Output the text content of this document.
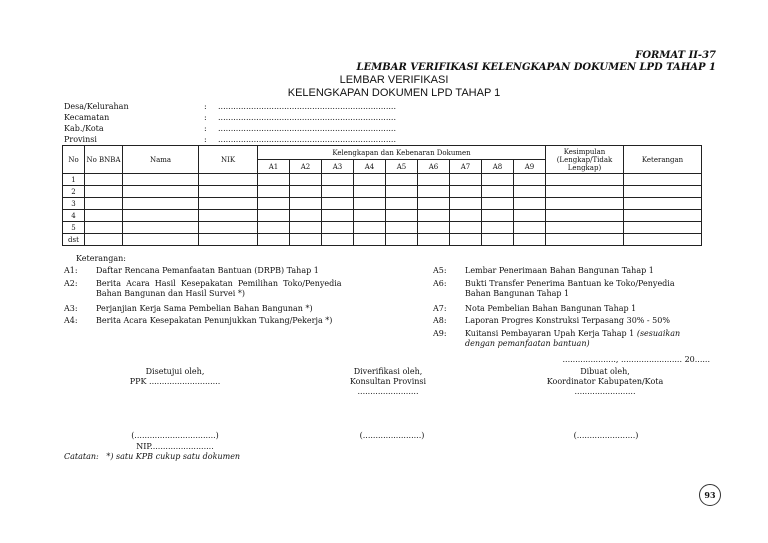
FORMAT II-37
LEMBAR VERIFIKASI KELENGKAPAN DOKUMEN LPD TAHAP 1
LEMBAR VERIFIKASI
KELENGKAPAN DOKUMEN LPD TAHAP 1
Desa/Kelurahan	:	......................................................................
Kecamatan	:	......................................................................
Kab./Kota	:	......................................................................
Provinsi	:	......................................................................
No	No BNBA	Nama	NIK	Kelengkapan dan Kebenaran Dokumen									Kesimpulan (Lengkap/Tidak Lengkap)	Keterangan
				A1	A2	A3	A4	A5	A6	A7	A8	A9		
1														
2														
3														
4														
5														
dst														
Keterangan:
A1: Daftar Rencana Pemanfaatan Bantuan (DRPB) Tahap 1
A2: Berita  Acara  Hasil  Kesepakatan  Pemilihan  Toko/Penyedia
Bahan Bangunan dan Hasil Survei *)
A3: Perjanjian Kerja Sama Pembelian Bahan Bangunan *)
A4: Berita Acara Kesepakatan Penunjukkan Tukang/Pekerja *)
A5: Lembar Penerimaan Bahan Bangunan Tahap 1
A6: Bukti Transfer Penerima Bantuan ke Toko/Penyedia
Bahan Bangunan Tahap 1
A7: Nota Pembelian Bahan Bangunan Tahap 1
A8: Laporan Progres Konstruksi Terpasang 30% - 50%
A9: Kuitansi Pembayaran Upah Kerja Tahap 1 (sesuaikan
dengan pemanfaatan bantuan)
....................., ........................ 20......
Disetujui oleh,
PPK ............................
Diverifikasi oleh,
Konsultan Provinsi
........................
Dibuat oleh,
Koordinator Kabupaten/Kota
........................
(................................)
NIP.........................
(.......................)	(.......................)
Catatan: *) satu KPB cukup satu dokumen
93
